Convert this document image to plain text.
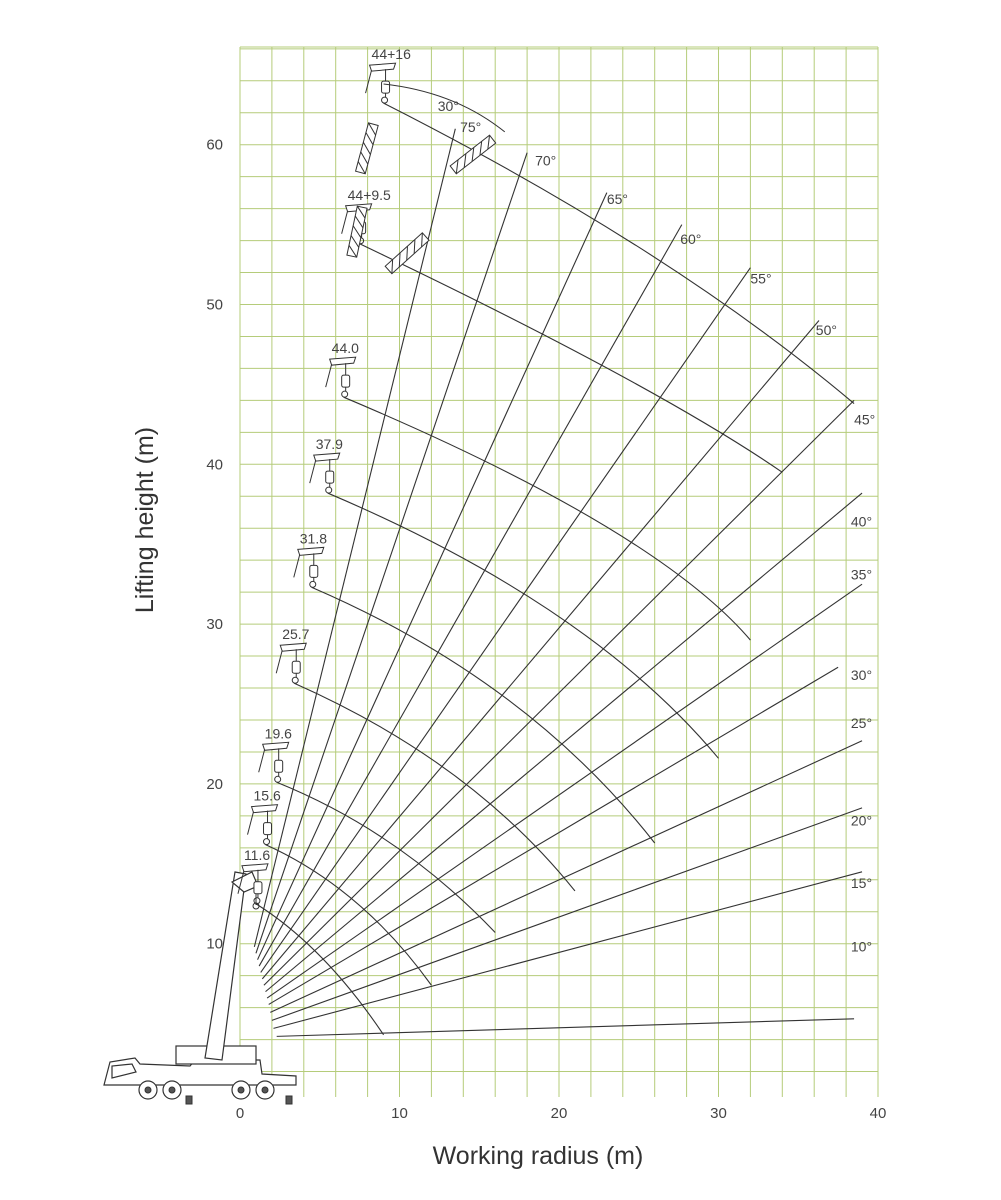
0	10	20	30	40
10
20
30
40
50
60
11.6
15.6
19.6
25.7
31.8
37.9
44.0
44+9.5
44+16
10°
15°
20°
25°
30°
35°
40°
45°
50°
55°
60°
65°
70°
75°
30°
Working radius (m)
Lifting height (m)
